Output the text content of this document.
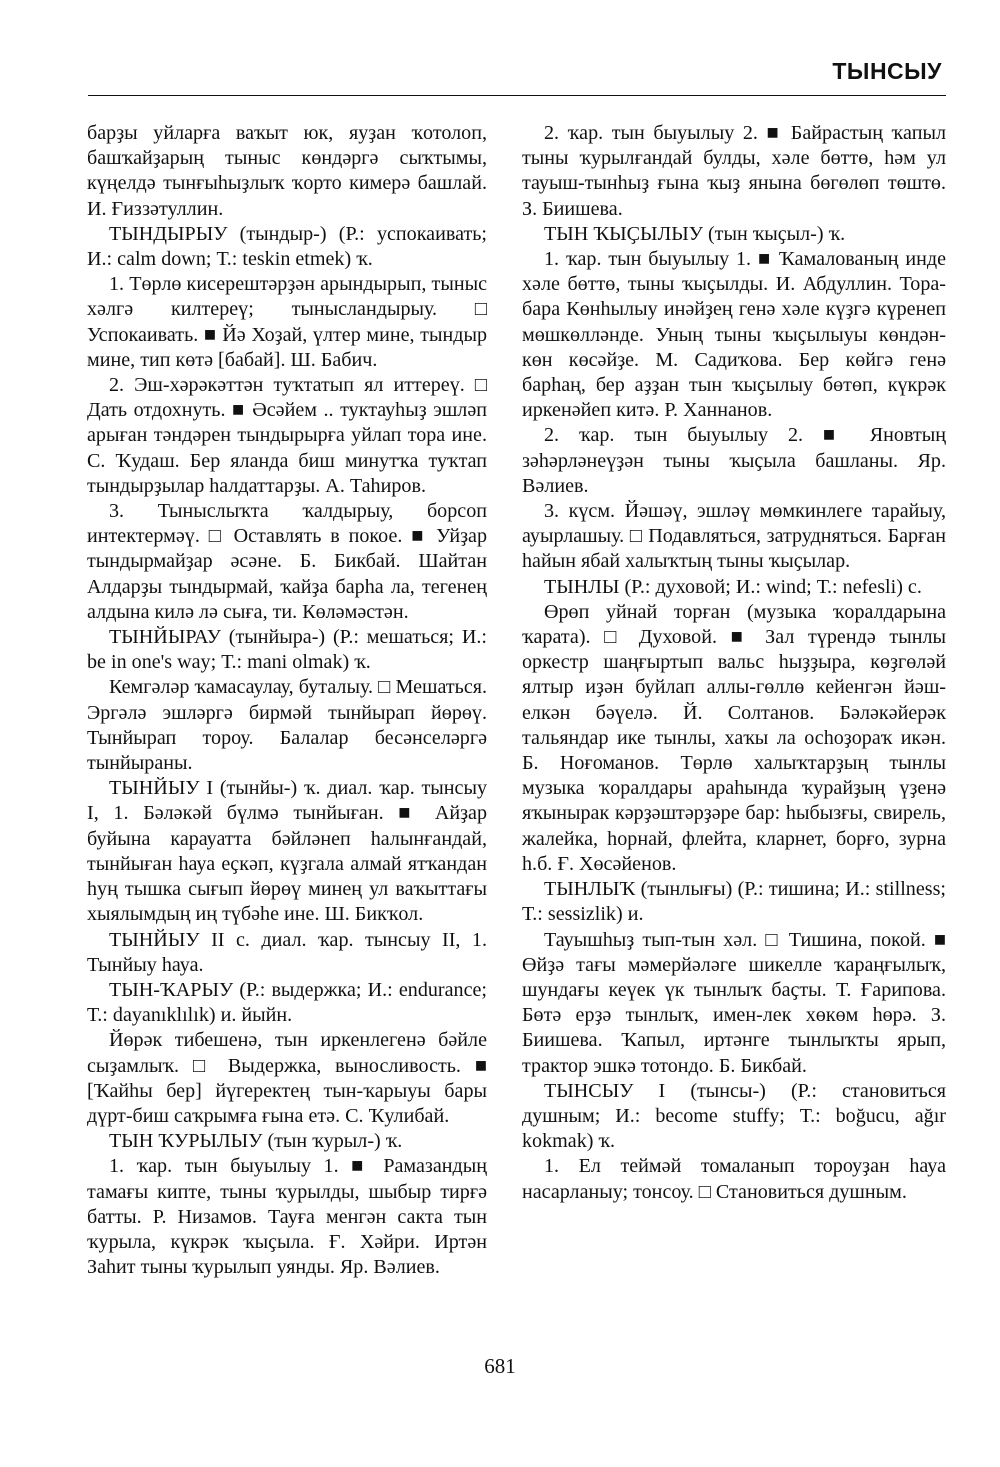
ТЫНСЫУ

барҙы уйларға ваҡыт юк, яуҙан ҡотолоп, башҡайҙарың тыныс көндәргә сыҡтымы, күңелдә тынғыһыҙлыҡ ҡорто кимерә башлай. И. Ғиззәтуллин.

ТЫНДЫРЫУ (тындыр-) (Р.: успокаивать; И.: calm down; Т.: teskin etmek) ҡ.

1. Төрлө кисерештәрҙән арындырып, тыныс хәлгә килтереү; тынысландырыу. □ Успокаивать. ■ Йә Хоҙай, үлтер мине, тындыр мине, тип көтә [бабай]. Ш. Бабич.

2. Эш-хәрәкәттән туҡтатып ял иттереү. □ Дать отдохнуть. ■ Әсәйем .. туктауһыҙ эшләп арыған тәндәрен тындырырға уйлап тора ине. С. Ҡудаш. Бер яланда биш минутҡа туҡтап тындырҙылар һалдаттарҙы. А. Таһиров.

3. Тыныслыҡта ҡалдырыу, борсоп интектермәү. □ Оставлять в покое. ■ Уйҙар тындырмайҙар әсәне. Б. Бикбай. Шайтан Алдарҙы тындырмай, ҡайҙа барһа ла, тегенең алдына килә лә сыға, ти. Көләмәстән.

ТЫНЙЫРАУ (тынйыра-) (Р.: мешаться; И.: be in one's way; Т.: mani olmak) ҡ.

Кемгәләр ҡамасаулау, буталыу. □ Мешаться. Эргәлә эшләргә бирмәй тынйырап йөрөү. Тынйырап тороу. Балалар бесәнселәргә тынйыраны.

ТЫНЙЫУ I (тынйы-) ҡ. диал. ҡар. тынсыу I, 1. Бәләкәй бүлмә тынйыған. ■ Айҙар буйына карауатта бәйләнеп һалынғандай, тынйыған һауа еҫкәп, күҙгала алмай ятҡандан һуң тышка сығып йөрөү минең ул ваҡыттағы хыялымдың иң түбәһе ине. Ш. Бикҡол.

ТЫНЙЫУ II с. диал. ҡар. тынсыу II, 1. Тынйыу һауа.

ТЫН-ҠАРЫУ (Р.: выдержка; И.: endurance; Т.: dayanıklılık) и. йыйн.

Йөрәк тибешенә, тын иркенлегенә бәйле сыҙамлыҡ. □ Выдержка, выносливость. ■ [Ҡайһы бер] йүгеректең тын-ҡарыуы бары дүрт-биш саҡрымға ғына етә. С. Ҡулибай.

ТЫН ҠУРЫЛЫУ (тын ҡурыл-) ҡ.

1. ҡар. тын быуылыу 1. ■ Рамазандың тамағы кипте, тыны ҡурылды, шыбыр тирғә батты. Р. Низамов. Тауға менгән сакта тын ҡурыла, күкрәк ҡыҫыла. Ғ. Хәйри. Иртән Заһит тыны ҡурылып уянды. Яр. Вәлиев.

2. ҡар. тын быуылыу 2. ■ Байрастың ҡапыл тыны ҡурылғандай булды, хәле бөттө, һәм ул тауыш-тынһыҙ ғына ҡыҙ янына бөгөлөп төштө. З. Биишева.

ТЫН ҠЫҪЫЛЫУ (тын ҡыҫыл-) ҡ.

1. ҡар. тын быуылыу 1. ■ Ҡамалованың инде хәле бөттө, тыны ҡыҫылды. И. Абдуллин. Тора-бара Көнһылыу инәйҙең генә хәле күҙгә күренеп мөшкөлләнде. Уның тыны ҡыҫылыуы көндән-көн көсәйҙе. М. Садиҡова. Бер көйгә генә барһаң, бер аҙҙан тын ҡыҫылыу бөтөп, күкрәк иркенәйеп китә. Р. Ханнанов.

2. ҡар. тын быуылыу 2. ■ Яновтың зәһәрләнеүҙән тыны ҡыҫыла башланы. Яр. Вәлиев.

3. күсм. Йәшәү, эшләү мөмкинлеге тарайыу, ауырлашыу. □ Подавляться, затрудняться. Барған һайын ябай халыҡтың тыны ҡыҫылар.

ТЫНЛЫ (Р.: духовой; И.: wind; Т.: nefesli) с.

Өрөп уйнай торған (музыка ҡоралдарына ҡарата). □ Духовой. ■ Зал түрендә тынлы оркестр шаңғыртып вальс һыҙҙыра, көҙгөләй ялтыр иҙән буйлап аллы-гөллө кейенгән йәш-елкән бәүелә. Й. Солтанов. Бәләкәйерәк тальяндар ике тынлы, хаҡы ла осһоҙораҡ икән. Б. Ноғоманов. Төрлө халыҡтарҙың тынлы музыка ҡоралдары араһында ҡурайҙың үҙенә яҡынырак кәрҙәштәрҙәре бар: һыбызғы, свирель, жалейка, һорнай, флейта, кларнет, борғо, зурна һ.б. Ғ. Хөсәйенов.

ТЫНЛЫҠ (тынлығы) (Р.: тишина; И.: stillness; Т.: sessizlik) и.

Тауышһыҙ тып-тын хәл. □ Тишина, покой. ■ Өйҙә тағы мәмерйәләге шикелле ҡараңғылыҡ, шундағы кеүек үк тынлыҡ баҫты. Т. Ғарипова. Бөтә ерҙә тынлыҡ, имен-лек хөкөм һөрә. З. Биишева. Ҡапыл, иртәнге тынлыҡты ярып, трактор эшкә тотондо. Б. Бикбай.

ТЫНСЫУ I (тынсы-) (Р.: становиться душным; И.: become stuffy; Т.: boğucu, ağır kokmak) ҡ.

1. Ел теймәй томаланып тороуҙан һауа насарланыу; тонсоу. □ Становиться душным.

681
